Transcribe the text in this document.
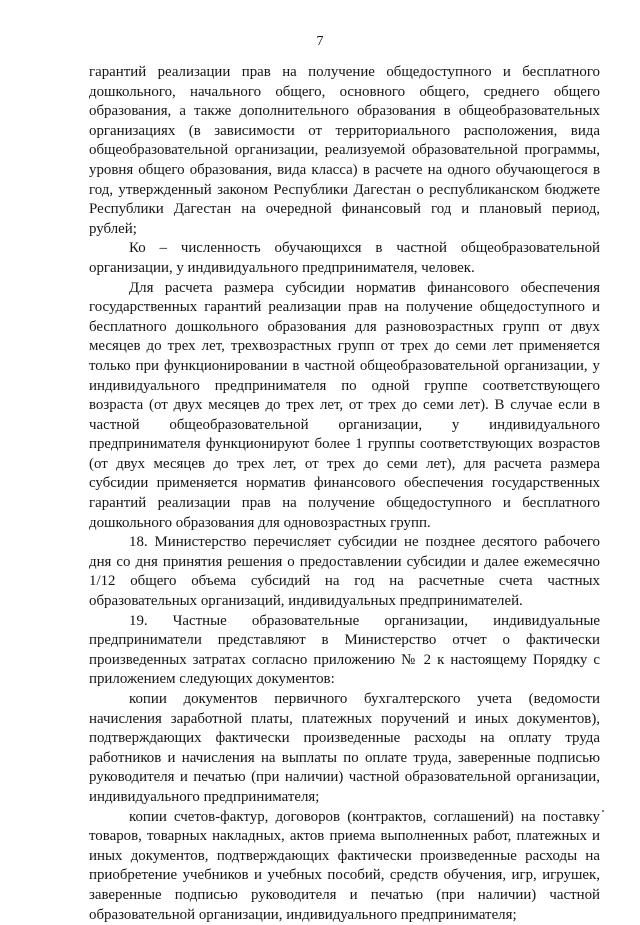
7

гарантий реализации прав на получение общедоступного и бесплатного дошкольного, начального общего, основного общего, среднего общего образования, а также дополнительного образования в общеобразовательных организациях (в зависимости от территориального расположения, вида общеобразовательной организации, реализуемой образовательной программы, уровня общего образования, вида класса) в расчете на одного обучающегося в год, утвержденный законом Республики Дагестан о республиканском бюджете Республики Дагестан на очередной финансовый год и плановый период, рублей;

Ко – численность обучающихся в частной общеобразовательной организации, у индивидуального предпринимателя, человек.

Для расчета размера субсидии норматив финансового обеспечения государственных гарантий реализации прав на получение общедоступного и бесплатного дошкольного образования для разновозрастных групп от двух месяцев до трех лет, трехвозрастных групп от трех до семи лет применяется только при функционировании в частной общеобразовательной организации, у индивидуального предпринимателя по одной группе соответствующего возраста (от двух месяцев до трех лет, от трех до семи лет). В случае если в частной общеобразовательной организации, у индивидуального предпринимателя функционируют более 1 группы соответствующих возрастов (от двух месяцев до трех лет, от трех до семи лет), для расчета размера субсидии применяется норматив финансового обеспечения государственных гарантий реализации прав на получение общедоступного и бесплатного дошкольного образования для одновозрастных групп.

18. Министерство перечисляет субсидии не позднее десятого рабочего дня со дня принятия решения о предоставлении субсидии и далее ежемесячно 1/12 общего объема субсидий на год на расчетные счета частных образовательных организаций, индивидуальных предпринимателей.

19. Частные образовательные организации, индивидуальные предприниматели представляют в Министерство отчет о фактически произведенных затратах согласно приложению № 2 к настоящему Порядку с приложением следующих документов:

копии документов первичного бухгалтерского учета (ведомости начисления заработной платы, платежных поручений и иных документов), подтверждающих фактически произведенные расходы на оплату труда работников и начисления на выплаты по оплате труда, заверенные подписью руководителя и печатью (при наличии) частной образовательной организации, индивидуального предпринимателя;

копии счетов-фактур, договоров (контрактов, соглашений) на поставку товаров, товарных накладных, актов приема выполненных работ, платежных и иных документов, подтверждающих фактически произведенные расходы на приобретение учебников и учебных пособий, средств обучения, игр, игрушек, заверенные подписью руководителя и печатью (при наличии) частной образовательной организации, индивидуального предпринимателя;
